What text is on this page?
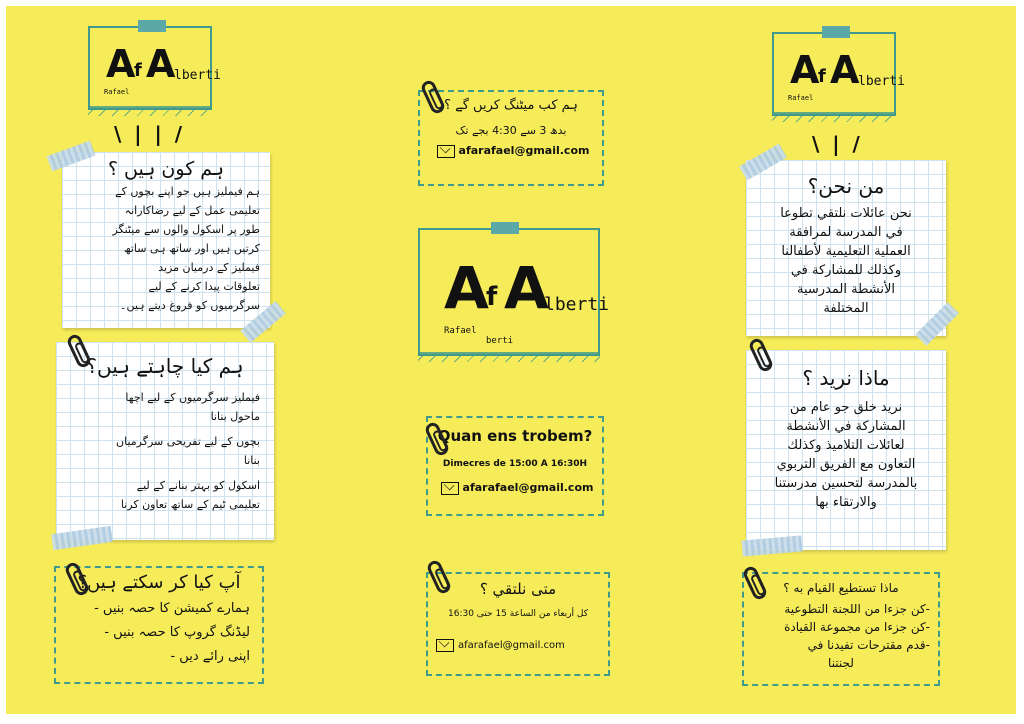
A
f A
lberti
Rafael
\ | | /
ہم کون ہیں ؟
ہم فیملیز ہیں جو اپنے بچوں کے
تعلیمی عمل کے لیے رضاکارانہ
طور پر اسکول والوں سے میٹنگز
کرتیں ہیں اور ساتھ ہی ساتھ
فیملیز کے درمیان مزید
تعلوقات پیدا کرنے کے لیے
سرگرمیوں کو فروغ دیتے ہیں۔
ہم کیا چاہتے ہیں؟
فیملیز سرگرمیوں کے لیے اچھا
ماحول بنانا
بچوں کے لیے تفریحی سرگرمیاں
بنانا
اسکول کو بہتر بنانے کے لیے
تعلیمی ٹیم کے ساتھ تعاون کرنا
آپ کیا کر سکتے ہیں؟
ہمارے کمیشن کا حصہ بنیں -
لیڈنگ گروپ کا حصہ بنیں -
اپنی رائے دیں -
ہم کب میٹنگ کریں گے ؟
بدھ 3 سے 4:30 بجے تک
afarafael@gmail.com
A
f A
lberti
Rafael
berti
Quan ens trobem?
Dimecres de 15:00 A 16:30H
afarafael@gmail.com
متى نلتقي ؟
كل أربعاء من الساعة 15 حتى 16:30
afarafael@gmail.com
A
f A
lberti
Rafael
\ | /
من نحن؟
نحن عائلات نلتقي تطوعا
في المدرسة لمرافقة
العملية التعليمية لأطفالنا
وكذلك للمشاركة في
الأنشطة المدرسية
المختلفة
ماذا نريد ؟
نريد خلق جو عام من
المشاركة في الأنشطة
لعائلات التلاميذ وكذلك
التعاون مع الفريق التربوي
بالمدرسة لتحسين مدرستنا
والارتقاء بها
ماذا تستطيع القيام به ؟
-كن جزءا من اللجنة التطوعية
-كن جزءا من مجموعة القيادة
-قدم مقترحات تفيدنا في
لجنتنا
